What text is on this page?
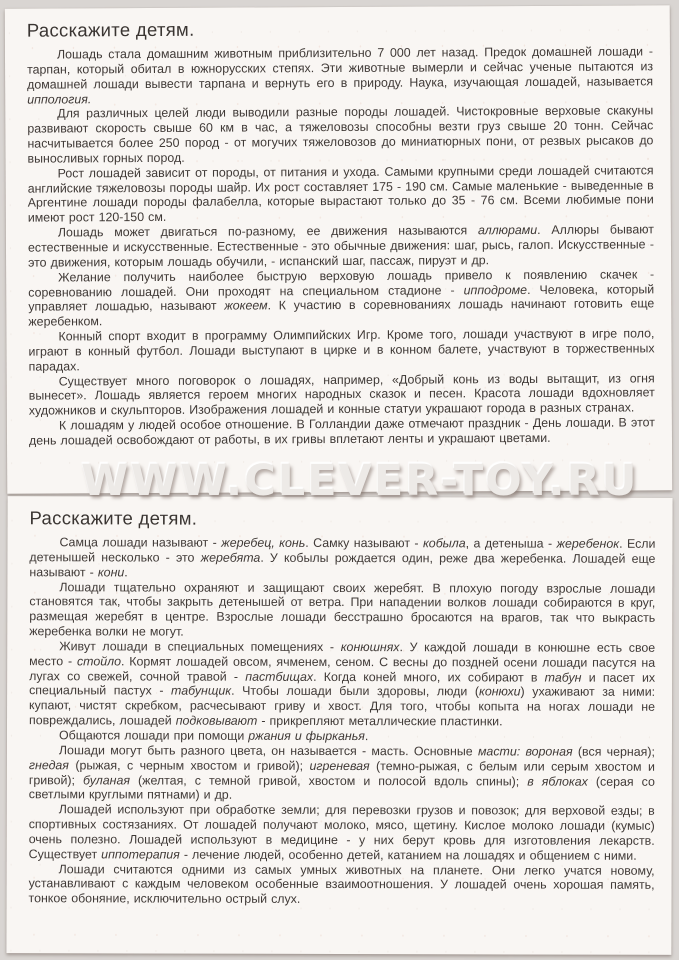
Расскажите детям.

Лошадь стала домашним животным приблизительно 7 000 лет назад. Предок домашней лошади - тарпан, который обитал в южнорусских степях. Эти животные вымерли и сейчас ученые пытаются из домашней лошади вывести тарпана и вернуть его в природу. Наука, изучающая лошадей, называется иппология.

Для различных целей люди выводили разные породы лошадей. Чистокровные верховые скакуны развивают скорость свыше 60 км в час, а тяжеловозы способны везти груз свыше 20 тонн. Сейчас насчитывается более 250 пород - от могучих тяжеловозов до миниатюрных пони, от резвых рысаков до выносливых горных пород.

Рост лошадей зависит от породы, от питания и ухода. Самыми крупными среди лошадей считаются английские тяжеловозы породы шайр. Их рост составляет 175 - 190 см. Самые маленькие - выведенные в Аргентине лошади породы фалабелла, которые вырастают только до 35 - 76 см. Всеми любимые пони имеют рост 120-150 см.

Лошадь может двигаться по-разному, ее движения называются аллюрами. Аллюры бывают естественные и искусственные. Естественные - это обычные движения: шаг, рысь, галоп. Искусственные - это движения, которым лошадь обучили, - испанский шаг, пассаж, пируэт и др.

Желание получить наиболее быструю верховую лошадь привело к появлению скачек - соревнованию лошадей. Они проходят на специальном стадионе - ипподроме. Человека, который управляет лошадью, называют жокеем. К участию в соревнованиях лошадь начинают готовить еще жеребенком.

Конный спорт входит в программу Олимпийских Игр. Кроме того, лошади участвуют в игре поло, играют в конный футбол. Лошади выступают в цирке и в конном балете, участвуют в торжественных парадах.

Существует много поговорок о лошадях, например, «Добрый конь из воды вытащит, из огня вынесет». Лошадь является героем многих народных сказок и песен. Красота лошади вдохновляет художников и скульпторов. Изображения лошадей и конные статуи украшают города в разных странах.

К лошадям у людей особое отношение. В Голландии даже отмечают праздник - День лошади. В этот день лошадей освобождают от работы, в их гривы вплетают ленты и украшают цветами.

Расскажите детям.

Самца лошади называют - жеребец, конь. Самку называют - кобыла, а детеныша - жеребенок. Если детенышей несколько - это жеребята. У кобылы рождается один, реже два жеребенка. Лошадей еще называют - кони.

Лошади тщательно охраняют и защищают своих жеребят. В плохую погоду взрослые лошади становятся так, чтобы закрыть детенышей от ветра. При нападении волков лошади собираются в круг, размещая жеребят в центре. Взрослые лошади бесстрашно бросаются на врагов, так что выкрасть жеребенка волки не могут.

Живут лошади в специальных помещениях - конюшнях. У каждой лошади в конюшне есть свое место - стойло. Кормят лошадей овсом, ячменем, сеном. С весны до поздней осени лошади пасутся на лугах со свежей, сочной травой - пастбищах. Когда коней много, их собирают в табун и пасет их специальный пастух - табунщик. Чтобы лошади были здоровы, люди (конюхи) ухаживают за ними: купают, чистят скребком, расчесывают гриву и хвост. Для того, чтобы копыта на ногах лошади не повреждались, лошадей подковывают - прикрепляют металлические пластинки.

Общаются лошади при помощи ржания и фырканья.

Лошади могут быть разного цвета, он называется - масть. Основные масти: вороная (вся черная); гнедая (рыжая, с черным хвостом и гривой); игреневая (темно-рыжая, с белым или серым хвостом и гривой); буланая (желтая, с темной гривой, хвостом и полосой вдоль спины); в яблоках (серая со светлыми круглыми пятнами) и др.

Лошадей используют при обработке земли; для перевозки грузов и повозок; для верховой езды; в спортивных состязаниях. От лошадей получают молоко, мясо, щетину. Кислое молоко лошади (кумыс) очень полезно. Лошадей используют в медицине - у них берут кровь для изготовления лекарств. Существует иппотерапия - лечение людей, особенно детей, катанием на лошадях и общением с ними.

Лошади считаются одними из самых умных животных на планете. Они легко учатся новому, устанавливают с каждым человеком особенные взаимоотношения. У лошадей очень хорошая память, тонкое обоняние, исключительно острый слух.

WWW.CLEVER-TOY.RU
